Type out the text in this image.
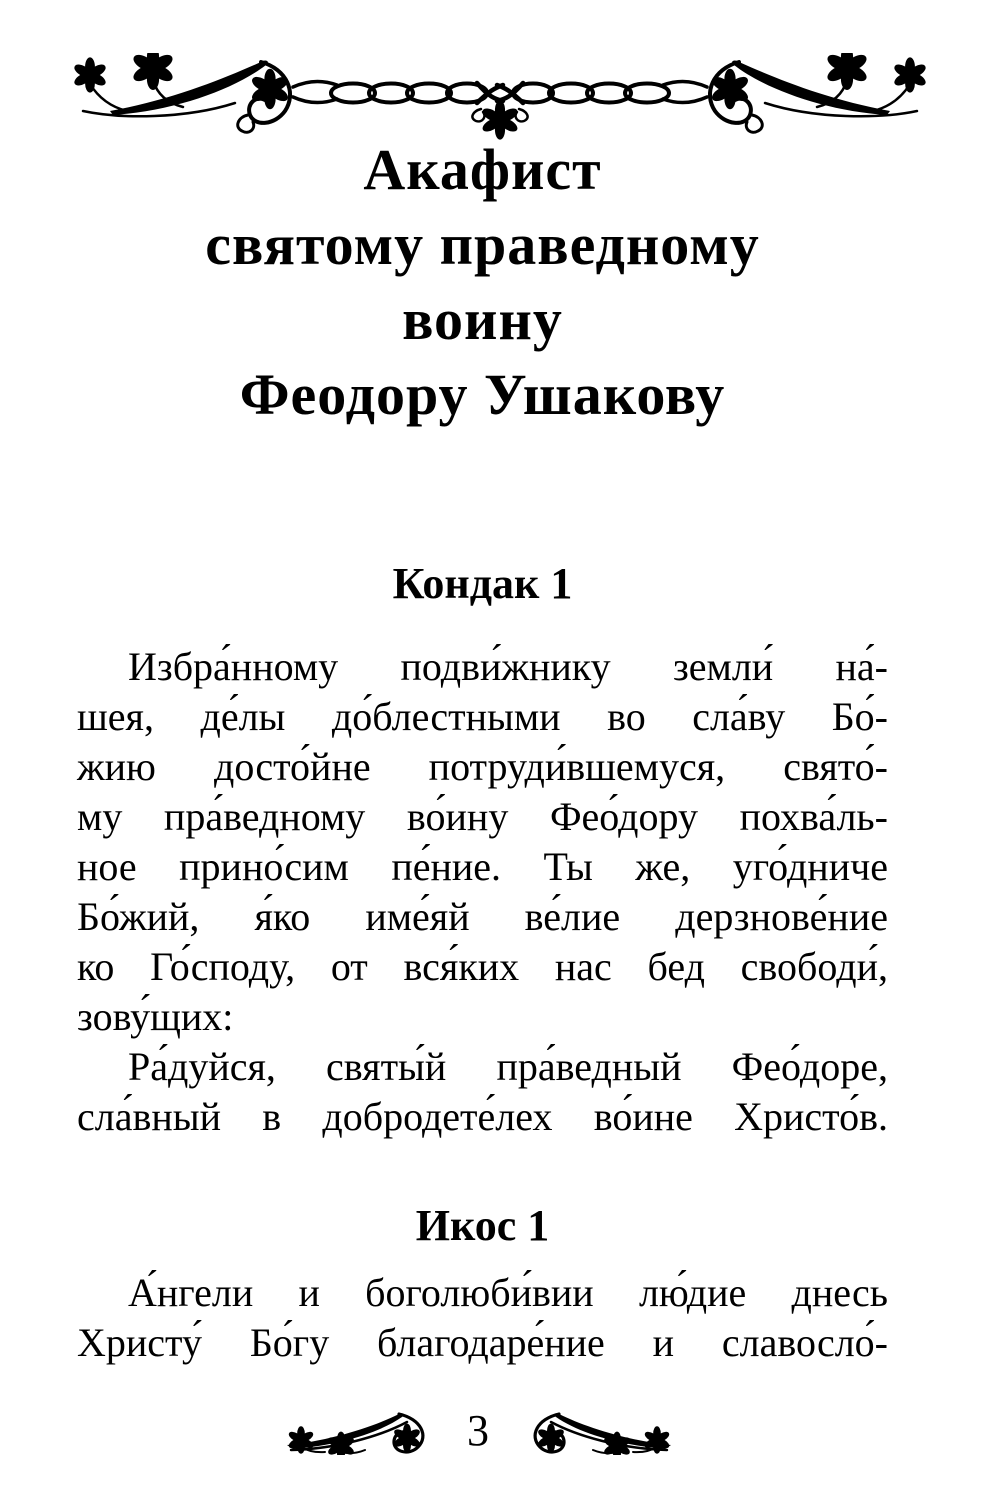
Акафист
святому праведному
воину
Феодору Ушакову
Кондак 1
Избра́нному подви́жнику земли́ на́-
шея, де́лы до́блестными во сла́ву Бо́-
жию досто́йне потруди́вшемуся, свято́-
му пра́ведному во́ину Фео́дору похва́ль-
ное прино́сим пе́ние. Ты же, уго́дниче
Бо́жий, я́ко име́яй ве́лие дерзнове́ние
ко Го́споду, от вся́ких нас бед свободи́,
зову́щих:
Ра́дуйся, святы́й пра́ведный Фео́доре,
сла́вный в добродете́лех во́ине Христо́в.
Икос 1
А́нгели и боголюби́вии лю́дие днесь
Христу́ Бо́гу благодаре́ние и славосло́-
3
